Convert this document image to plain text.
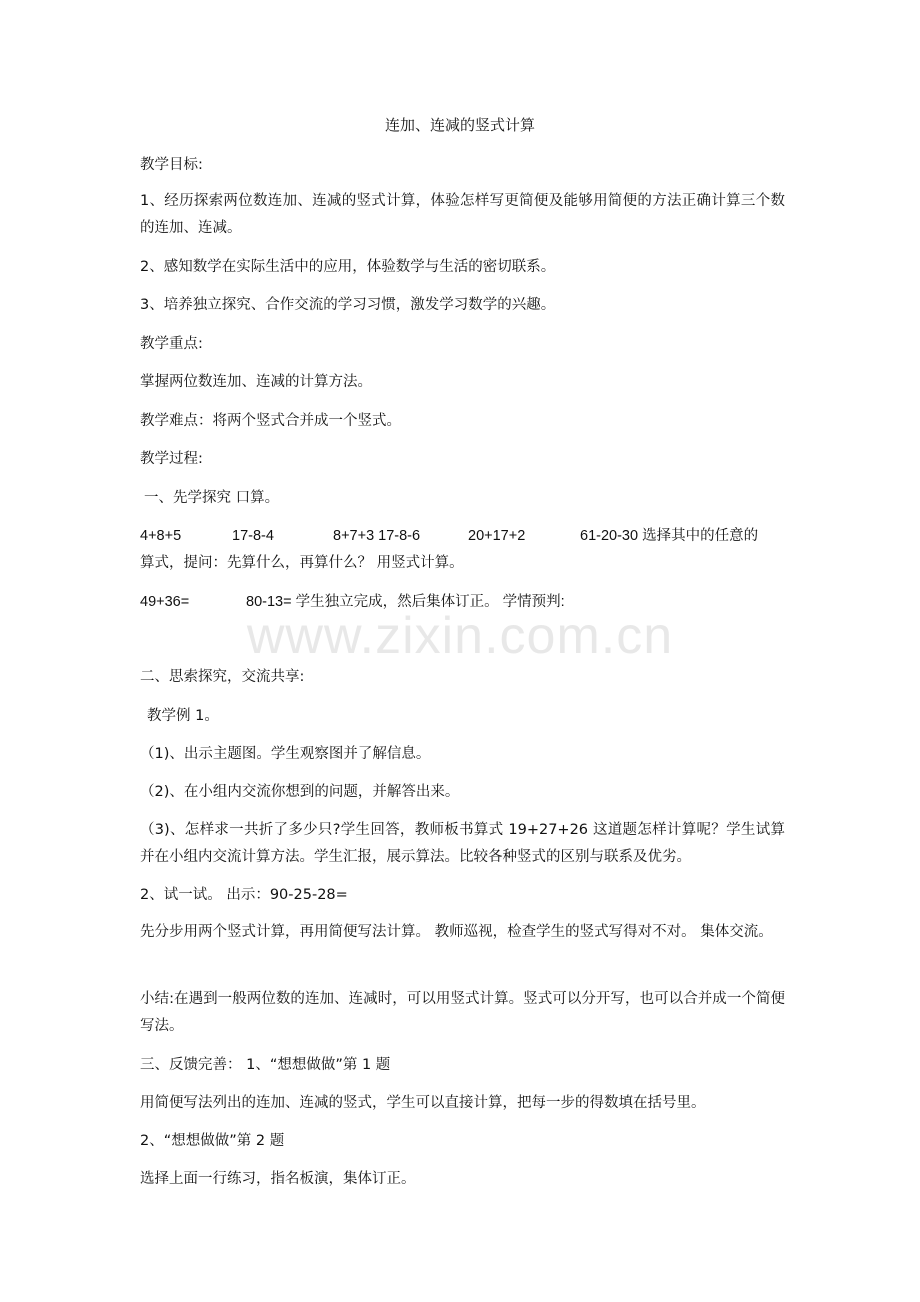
连加、连减的竖式计算
教学目标:
1、经历探索两位数连加、连减的竖式计算，体验怎样写更简便及能够用简便的方法正确计算三个数的连加、连减。
2、感知数学在实际生活中的应用，体验数学与生活的密切联系。
3、培养独立探究、合作交流的学习习惯，激发学习数学的兴趣。
教学重点:
掌握两位数连加、连减的计算方法。
教学难点：将两个竖式合并成一个竖式。
教学过程:
一、先学探究 口算。
4+8+5	17-8-4	8+7+3 17-8-6	20+17+2	61-20-30 选择其中的任意的
算式，提问：先算什么，再算什么？ 用竖式计算。
49+36=	80-13= 学生独立完成，然后集体订正。 学情预判:
www.zixin.com.cn
二、思索探究，交流共享:
教学例 1。
（1)、出示主题图。学生观察图并了解信息。
（2)、在小组内交流你想到的问题，并解答出来。
（3)、怎样求一共折了多少只?学生回答，教师板书算式 19+27+26 这道题怎样计算呢？学生试算并在小组内交流计算方法。学生汇报，展示算法。比较各种竖式的区别与联系及优劣。
2、试一试。 出示：90-25-28=
先分步用两个竖式计算，再用简便写法计算。 教师巡视，检查学生的竖式写得对不对。 集体交流。
小结:在遇到一般两位数的连加、连减时，可以用竖式计算。竖式可以分开写，也可以合并成一个简便写法。
三、反馈完善： 1、“想想做做”第 1 题
用简便写法列出的连加、连减的竖式，学生可以直接计算，把每一步的得数填在括号里。
2、“想想做做”第 2 题
选择上面一行练习，指名板演，集体订正。
